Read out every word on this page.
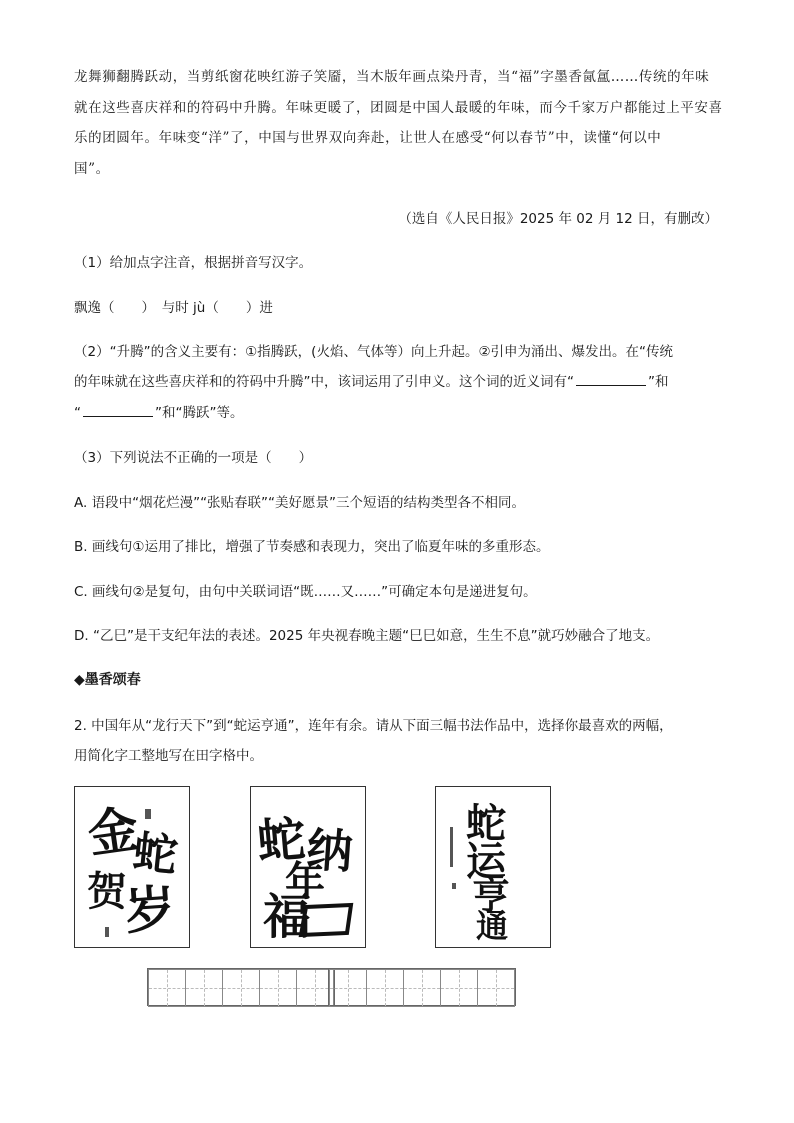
龙舞狮翻腾跃动，当剪纸窗花映红游子笑靥，当木版年画点染丹青，当“福”字墨香氤氲……传统的年味
就在这些喜庆祥和的符码中升腾。年味更暖了，团圆是中国人最暖的年味，而今千家万户都能过上平安喜
乐的团圆年。年味变“洋”了，中国与世界双向奔赴，让世人在感受“何以春节”中，读懂“何以中
国”。
（选自《人民日报》2025 年 02 月 12 日，有删改）
（1）给加点字注音，根据拼音写汉字。
飘逸（　　）　与时 jù（　　）进
（2）“升腾”的含义主要有：①指腾跃，(火焰、气体等）向上升起。②引申为涌出、爆发出。在“传统
的年味就在这些喜庆祥和的符码中升腾”中，该词运用了引申义。这个词的近义词有“	”和
“	”和“腾跃”等。
（3）下列说法不正确的一项是（　　）
A. 语段中“烟花烂漫”“张贴春联”“美好愿景”三个短语的结构类型各不相同。
B. 画线句①运用了排比，增强了节奏感和表现力，突出了临夏年味的多重形态。
C. 画线句②是复句，由句中关联词语“既……又……”可确定本句是递进复句。
D. “乙巳”是干支纪年法的表述。2025 年央视春晚主题“巳巳如意，生生不息”就巧妙融合了地支。
◆墨香颂春
2. 中国年从“龙行天下”到“蛇运亨通”，连年有余。请从下面三幅书法作品中，选择你最喜欢的两幅，
用简化字工整地写在田字格中。
金
蛇
贺
岁
蛇
纳
年
福
蛇
运
亨
通
